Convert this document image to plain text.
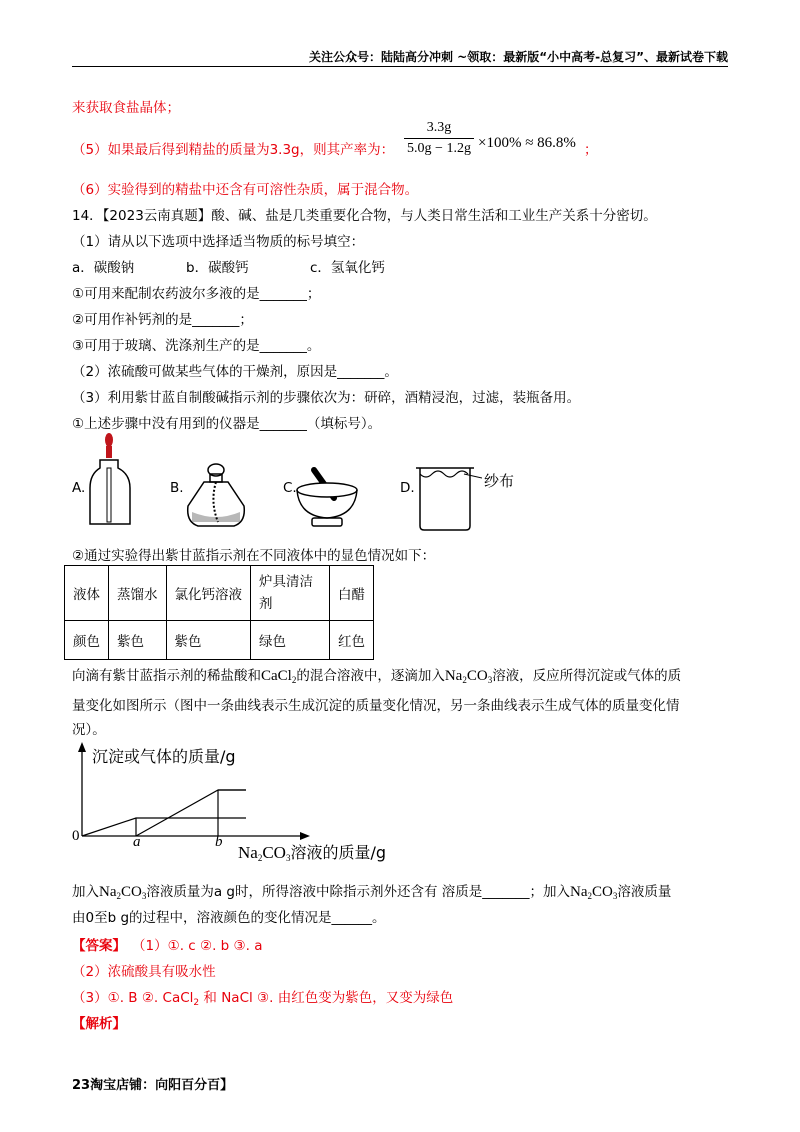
关注公众号：陆陆高分冲刺 ~领取：最新版“小中高考-总复习”、最新试卷下载
来获取食盐晶体；
（5）如果最后得到精盐的质量为3.3g，则其产率为：
3.3g
5.0g − 1.2g ×100% ≈ 86.8% ；
（6）实验得到的精盐中还含有可溶性杂质，属于混合物。
14．【2023云南真题】酸、碱、盐是几类重要化合物，与人类日常生活和工业生产关系十分密切。
（1）请从以下选项中选择适当物质的标号填空：
a．碳酸钠	b．碳酸钙	c．氢氧化钙
①可用来配制农药波尔多液的是_______；
②可用作补钙剂的是_______；
③可用于玻璃、洗涤剂生产的是_______。
（2）浓硫酸可做某些气体的干燥剂，原因是_______。
（3）利用紫甘蓝自制酸碱指示剂的步骤依次为：研碎，酒精浸泡，过滤，装瓶备用。
①上述步骤中没有用到的仪器是_______（填标号）。
A.	B.	C.	D.	纱布
②通过实验得出紫甘蓝指示剂在不同液体中的显色情况如下：
液体	蒸馏水	氯化钙溶液	炉具清洁剂	白醋
颜色	紫色	紫色	绿色	红色
向滴有紫甘蓝指示剂的稀盐酸和CaCl$_2$的混合溶液中，逐滴加入$Na_2CO_3$溶液，反应所得沉淀或气体的质
量变化如图所示（图中一条曲线表示生成沉淀的质量变化情况，另一条曲线表示生成气体的质量变化情
况）。
沉淀或气体的质量/g
0	a	b
$Na_2CO_3$溶液的质量/g
加入$Na_2CO_3$溶液质量为a g时，所得溶液中除指示剂外还含有 溶质是_______；加入$Na_2CO_3$溶液质量
由0至b g的过程中，溶液颜色的变化情况是______。
【答案】 （1）①. c ②. b ③. a
（2）浓硫酸具有吸水性
（3）①. B ②. CaCl$_2$ 和 NaCl ③. 由红色变为紫色，又变为绿色
【解析】
23淘宝店铺：向阳百分百】
